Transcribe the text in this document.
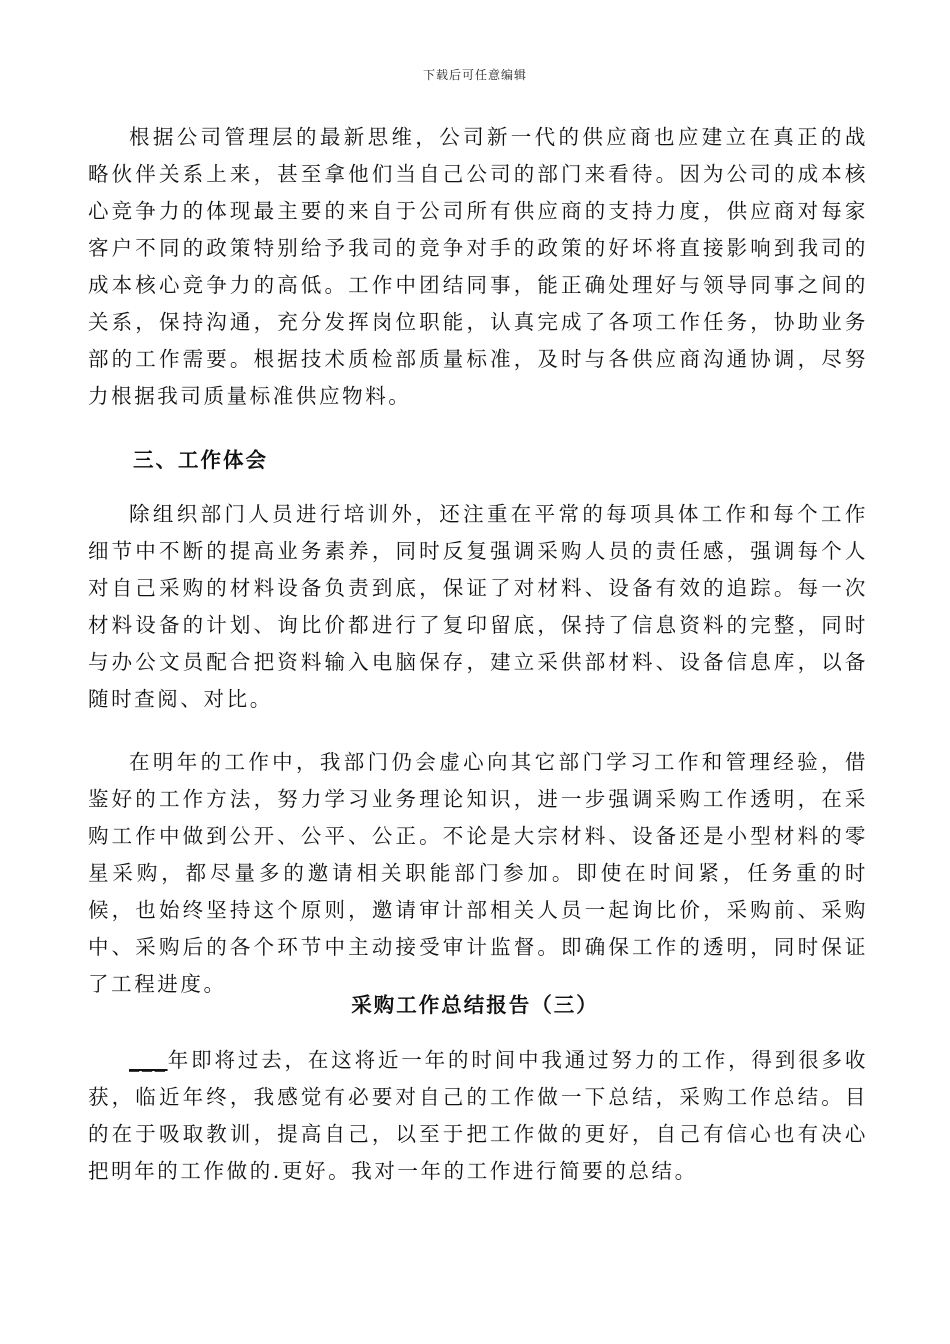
下载后可任意编辑

根据公司管理层的最新思维，公司新一代的供应商也应建立在真正的战略伙伴关系上来，甚至拿他们当自己公司的部门来看待。因为公司的成本核心竞争力的体现最主要的来自于公司所有供应商的支持力度，供应商对每家客户不同的政策特别给予我司的竞争对手的政策的好坏将直接影响到我司的成本核心竞争力的高低。工作中团结同事，能正确处理好与领导同事之间的关系，保持沟通，充分发挥岗位职能，认真完成了各项工作任务，协助业务部的工作需要。根据技术质检部质量标准，及时与各供应商沟通协调，尽努力根据我司质量标准供应物料。

三、工作体会

除组织部门人员进行培训外，还注重在平常的每项具体工作和每个工作细节中不断的提高业务素养，同时反复强调采购人员的责任感，强调每个人对自己采购的材料设备负责到底，保证了对材料、设备有效的追踪。每一次材料设备的计划、询比价都进行了复印留底，保持了信息资料的完整，同时与办公文员配合把资料输入电脑保存，建立采供部材料、设备信息库，以备随时查阅、对比。

在明年的工作中，我部门仍会虚心向其它部门学习工作和管理经验，借鉴好的工作方法，努力学习业务理论知识，进一步强调采购工作透明，在采购工作中做到公开、公平、公正。不论是大宗材料、设备还是小型材料的零星采购，都尽量多的邀请相关职能部门参加。即使在时间紧，任务重的时候，也始终坚持这个原则，邀请审计部相关人员一起询比价，采购前、采购中、采购后的各个环节中主动接受审计监督。即确保工作的透明，同时保证了工程进度。

采购工作总结报告（三）

___年即将过去，在这将近一年的时间中我通过努力的工作，得到很多收获，临近年终，我感觉有必要对自己的工作做一下总结，采购工作总结。目的在于吸取教训，提高自己，以至于把工作做的更好，自己有信心也有决心把明年的工作做的.更好。我对一年的工作进行简要的总结。
